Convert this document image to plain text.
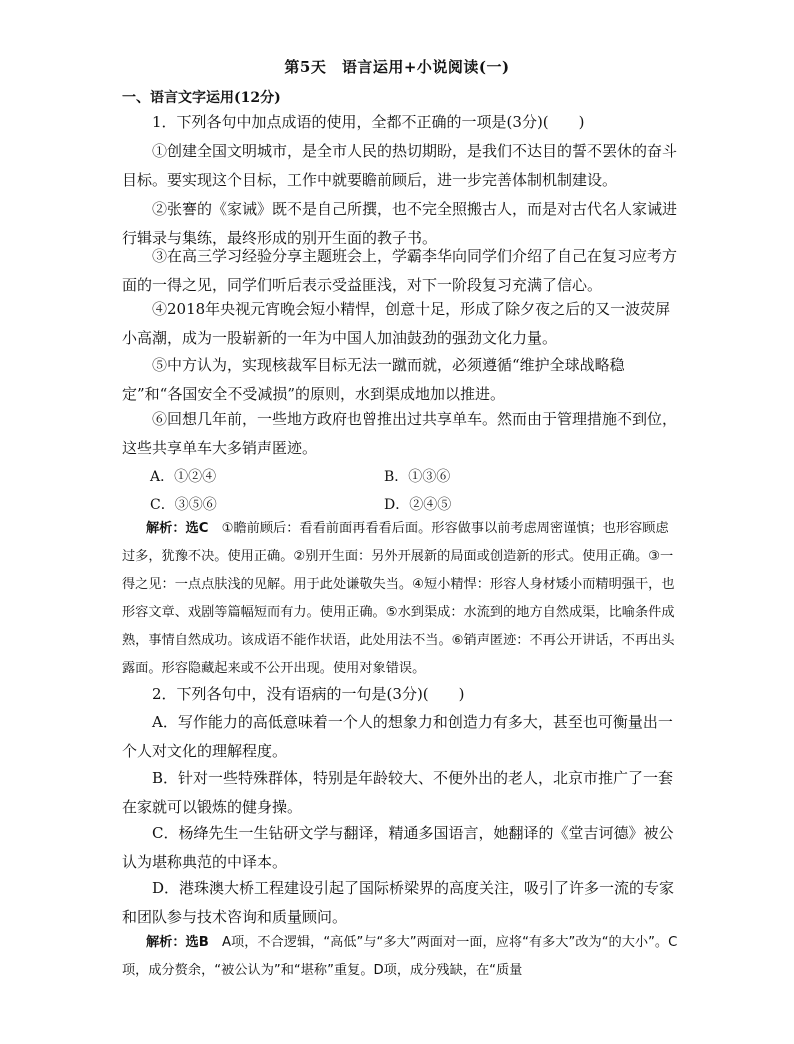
第5天　语言运用+小说阅读(一)
一、语言文字运用(12分)

1．下列各句中加点成语的使用，全都不正确的一项是(3分)(　　)

①创建全国文明城市，是全市人民的热切期盼，是我们不达目的誓不罢休的奋斗目标。要实现这个目标，工作中就要瞻前顾后，进一步完善体制机制建设。

②张謇的《家诫》既不是自己所撰，也不完全照搬古人，而是对古代名人家诫进行辑录与集练，最终形成的别开生面的教子书。

③在高三学习经验分享主题班会上，学霸李华向同学们介绍了自己在复习应考方面的一得之见，同学们听后表示受益匪浅，对下一阶段复习充满了信心。

④2018年央视元宵晚会短小精悍，创意十足，形成了除夕夜之后的又一波荧屏小高潮，成为一股崭新的一年为中国人加油鼓劲的强劲文化力量。

⑤中方认为，实现核裁军目标无法一蹴而就，必须遵循“维护全球战略稳定”和“各国安全不受减损”的原则，水到渠成地加以推进。

⑥回想几年前，一些地方政府也曾推出过共享单车。然而由于管理措施不到位，这些共享单车大多销声匿迹。

A．①②④	B．①③⑥
C．③⑤⑥	D．②④⑤

解析：选C　①瞻前顾后：看看前面再看看后面。形容做事以前考虑周密谨慎；也形容顾虑过多，犹豫不决。使用正确。②别开生面：另外开展新的局面或创造新的形式。使用正确。③一得之见：一点点肤浅的见解。用于此处谦敬失当。④短小精悍：形容人身材矮小而精明强干，也形容文章、戏剧等篇幅短而有力。使用正确。⑤水到渠成：水流到的地方自然成渠，比喻条件成熟，事情自然成功。该成语不能作状语，此处用法不当。⑥销声匿迹：不再公开讲话，不再出头露面。形容隐藏起来或不公开出现。使用对象错误。

2．下列各句中，没有语病的一句是(3分)(　　)

A．写作能力的高低意味着一个人的想象力和创造力有多大，甚至也可衡量出一个人对文化的理解程度。

B．针对一些特殊群体，特别是年龄较大、不便外出的老人，北京市推广了一套在家就可以锻炼的健身操。

C．杨绛先生一生钻研文学与翻译，精通多国语言，她翻译的《堂吉诃德》被公认为堪称典范的中译本。

D．港珠澳大桥工程建设引起了国际桥梁界的高度关注，吸引了许多一流的专家和团队参与技术咨询和质量顾问。

解析：选B　A项，不合逻辑，“高低”与“多大”两面对一面，应将“有多大”改为“的大小”。C项，成分赘余，“被公认为”和“堪称”重复。D项，成分残缺，在“质量
